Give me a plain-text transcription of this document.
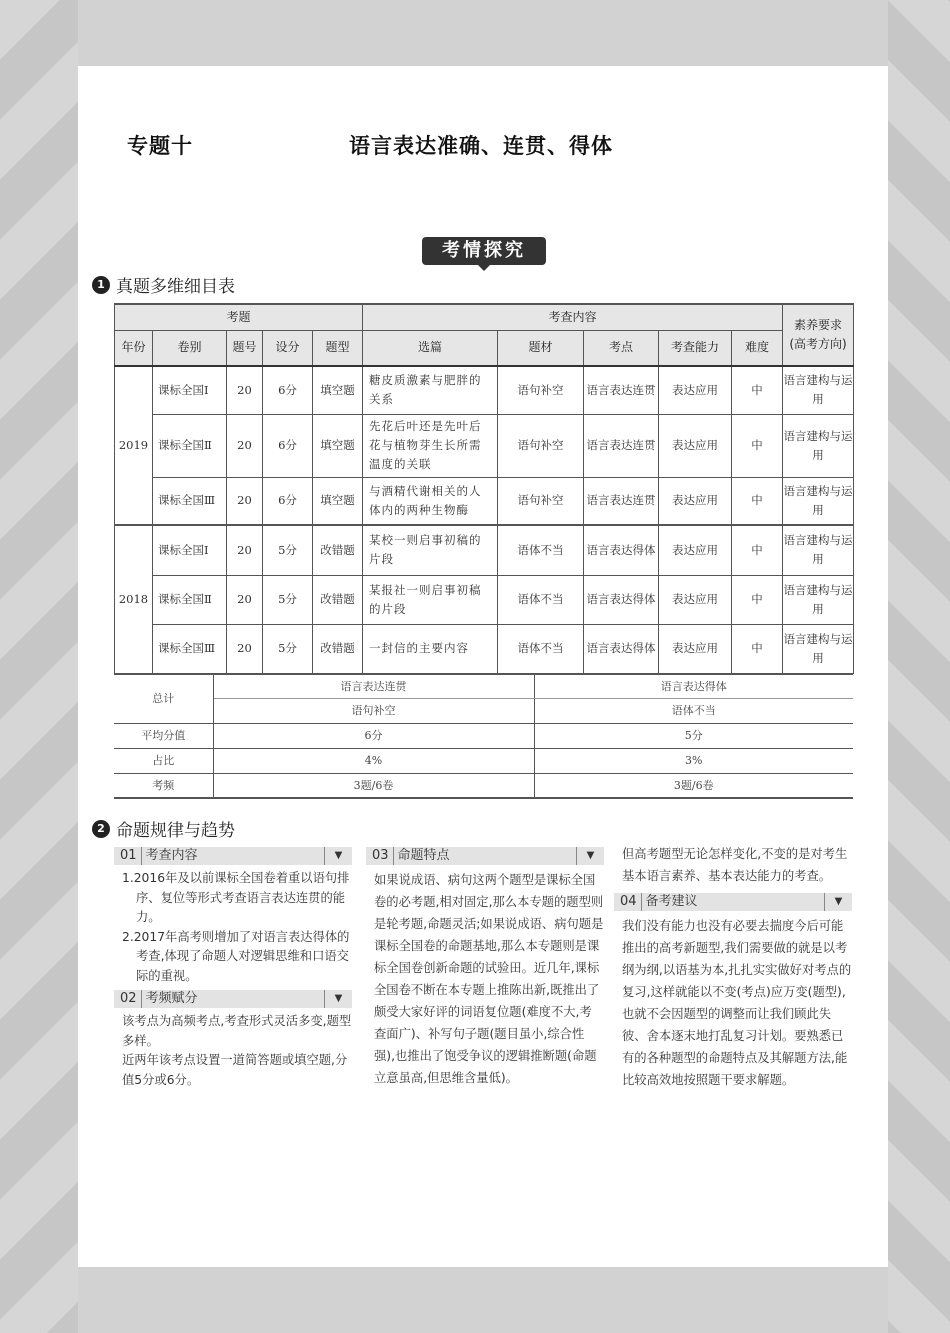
专题十	语言表达准确、连贯、得体
考情探究
1 真题多维细目表
考题					考查内容					素养要求(高考方向)
年份	卷别	题号	设分	题型	选篇	题材	考点	考查能力	难度	
2019	课标全国Ⅰ	20	6分	填空题	糖皮质激素与肥胖的关系	语句补空	语言表达连贯	表达应用	中	语言建构与运用
	课标全国Ⅱ	20	6分	填空题	先花后叶还是先叶后花与植物芽生长所需温度的关联	语句补空	语言表达连贯	表达应用	中	语言建构与运用
	课标全国Ⅲ	20	6分	填空题	与酒精代谢相关的人体内的两种生物酶	语句补空	语言表达连贯	表达应用	中	语言建构与运用
2018	课标全国Ⅰ	20	5分	改错题	某校一则启事初稿的片段	语体不当	语言表达得体	表达应用	中	语言建构与运用
	课标全国Ⅱ	20	5分	改错题	某报社一则启事初稿的片段	语体不当	语言表达得体	表达应用	中	语言建构与运用
	课标全国Ⅲ	20	5分	改错题	一封信的主要内容	语体不当	语言表达得体	表达应用	中	语言建构与运用
总计	语言表达连贯	语言表达得体
	语句补空	语体不当
平均分值	6分	5分
占比	4%	3%
考频	3题/6卷	3题/6卷
2 命题规律与趋势
01 考查内容	▼
1.2016年及以前课标全国卷着重以语句排序、复位等形式考查语言表达连贯的能力。
2.2017年高考则增加了对语言表达得体的考查,体现了命题人对逻辑思维和口语交际的重视。
02 考频赋分	▼
该考点为高频考点,考查形式灵活多变,题型多样。
近两年该考点设置一道简答题或填空题,分值5分或6分。
03 命题特点	▼
如果说成语、病句这两个题型是课标全国卷的必考题,相对固定,那么本专题的题型则是轮考题,命题灵活;如果说成语、病句题是课标全国卷的命题基地,那么本专题则是课标全国卷创新命题的试验田。近几年,课标全国卷不断在本专题上推陈出新,既推出了颇受大家好评的词语复位题(难度不大,考查面广)、补写句子题(题目虽小,综合性强),也推出了饱受争议的逻辑推断题(命题立意虽高,但思维含量低)。
但高考题型无论怎样变化,不变的是对考生基本语言素养、基本表达能力的考查。
04 备考建议	▼
我们没有能力也没有必要去揣度今后可能推出的高考新题型,我们需要做的就是以考纲为纲,以语基为本,扎扎实实做好对考点的复习,这样就能以不变(考点)应万变(题型),也就不会因题型的调整而让我们顾此失彼、舍本逐末地打乱复习计划。要熟悉已有的各种题型的命题特点及其解题方法,能比较高效地按照题干要求解题。
